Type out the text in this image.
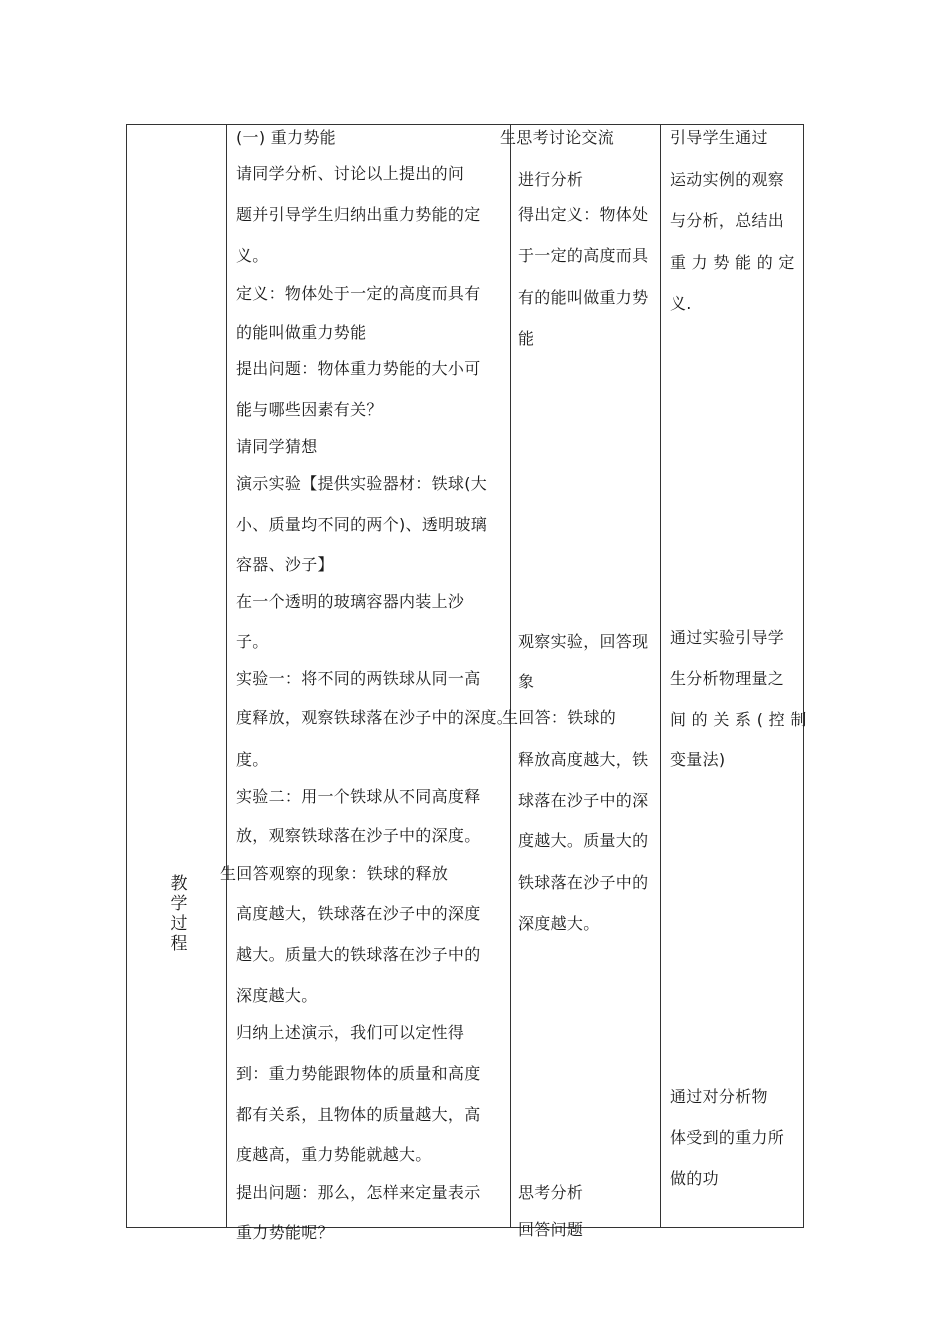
教
学
过
程
(一) 重力势能
请同学分析、讨论以上提出的问
题并引导学生归纳出重力势能的定
义。
定义：物体处于一定的高度而具有
的能叫做重力势能
提出问题：物体重力势能的大小可
能与哪些因素有关？
请同学猜想
演示实验【提供实验器材：铁球(大
小、质量均不同的两个)、透明玻璃
容器、沙子】
在一个透明的玻璃容器内装上沙
子。
实验一：将不同的两铁球从同一高
度释放，观察铁球落在沙子中的深度。
度。
实验二：用一个铁球从不同高度释
放，观察铁球落在沙子中的深度。
生回答观察的现象：铁球的释放
高度越大，铁球落在沙子中的深度
越大。质量大的铁球落在沙子中的
深度越大。
归纳上述演示，我们可以定性得
到：重力势能跟物体的质量和高度
都有关系，且物体的质量越大，高
度越高，重力势能就越大。
提出问题：那么，怎样来定量表示
重力势能呢？
生思考讨论交流
进行分析
得出定义：物体处
于一定的高度而具
有的能叫做重力势
能
观察实验，回答现
象
生回答：铁球的
释放高度越大，铁
球落在沙子中的深
度越大。质量大的
铁球落在沙子中的
深度越大。
思考分析
回答问题
引导学生通过
运动实例的观察
与分析，总结出
重 力 势 能 的 定
义.
通过实验引导学
生分析物理量之
间 的 关 系 ( 控 制
变量法)
通过对分析物
体受到的重力所
做的功
